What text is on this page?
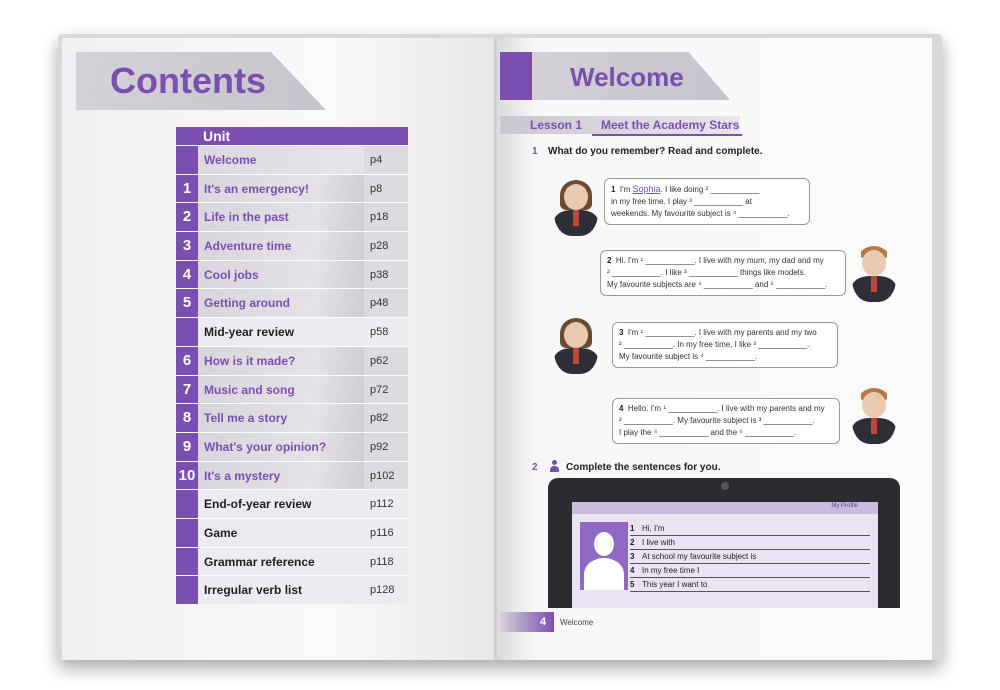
Contents
Unit
Welcome	p4
1	It's an emergency!	p8
2	Life in the past	p18
3	Adventure time	p28
4	Cool jobs	p38
5	Getting around	p48
Mid-year review	p58
6	How is it made?	p62
7	Music and song	p72
8	Tell me a story	p82
9	What's your opinion?	p92
10 It's a mystery	p102
End-of-year review	p112
Game	p116
Grammar reference	p118
Irregular verb list	p128
Welcome
Lesson 1 Meet the Academy Stars
1 What do you remember? Read and complete.
1 I'm Sophia. I like doing ² ___________
in my free time. I play ³ ___________ at
weekends. My favourite subject is ⁴ ___________.
2 Hi. I'm ¹ ___________. I live with my mum, my dad and my
² ___________. I like ³ ___________ things like models.
My favourite subjects are ⁴ ___________ and ⁵ ___________.
3 I'm ¹ ___________. I live with my parents and my two
² ___________. In my free time, I like ³ ___________.
My favourite subject is ⁴ ___________.
4 Hello. I'm ¹ ___________. I live with my parents and my
² ___________. My favourite subject is ³ ___________.
I play the ⁴ ___________ and the ⁵ ___________.
2	Complete the sentences for you.
My Profile
1 Hi, I'm
2 I live with
3 At school my favourite subject is
4 In my free time I
5 This year I want to
4 Welcome
